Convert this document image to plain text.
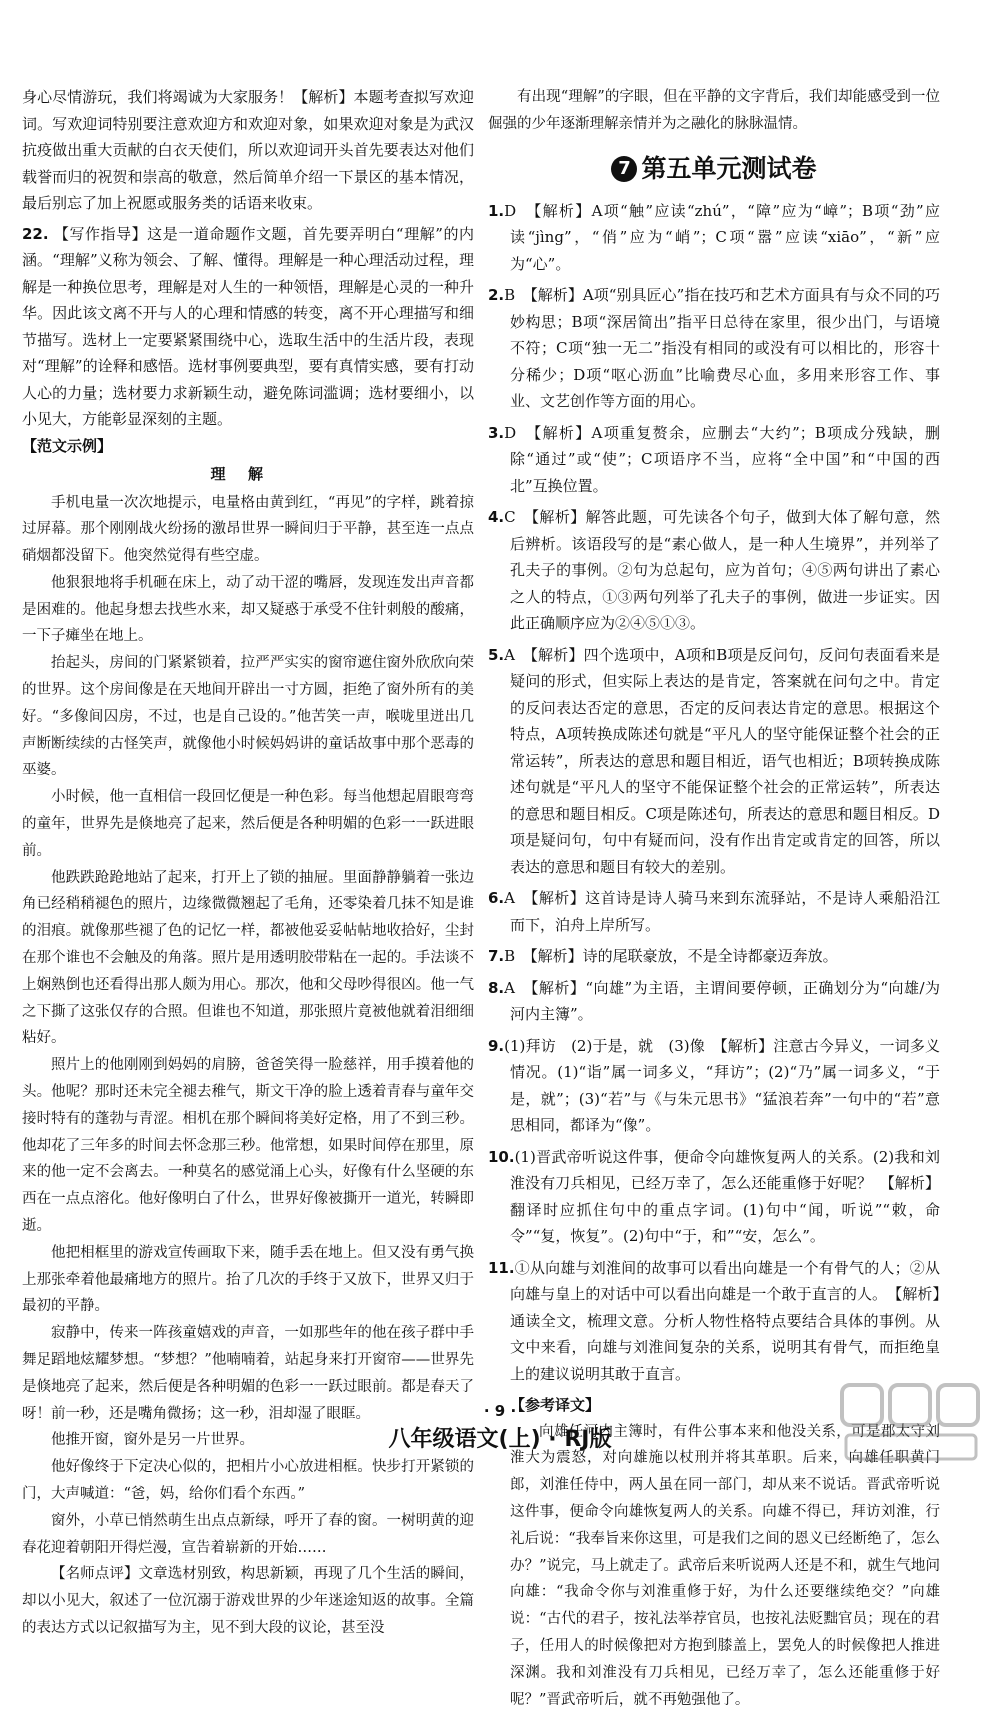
身心尽情游玩，我们将竭诚为大家服务！【解析】本题考查拟写欢迎词。写欢迎词特别要注意欢迎方和欢迎对象，如果欢迎对象是为武汉抗疫做出重大贡献的白衣天使们，所以欢迎词开头首先要表达对他们载誉而归的祝贺和崇高的敬意，然后简单介绍一下景区的基本情况，最后别忘了加上祝愿或服务类的话语来收束。

22. 【写作指导】这是一道命题作文题，首先要弄明白“理解”的内涵。“理解”义称为领会、了解、懂得。理解是一种心理活动过程，理解是一种换位思考，理解是对人生的一种领悟，理解是心灵的一种升华。因此该文离不开与人的心理和情感的转变，离不开心理描写和细节描写。选材上一定要紧紧围绕中心，选取生活中的生活片段，表现对“理解”的诠释和感悟。选材事例要典型，要有真情实感，要有打动人心的力量；选材要力求新颖生动，避免陈词滥调；选材要细小，以小见大，方能彰显深刻的主题。

【范文示例】

理解

手机电量一次次地提示，电量格由黄到红，“再见”的字样，跳着掠过屏幕。那个刚刚战火纷扬的激昂世界一瞬间归于平静，甚至连一点点硝烟都没留下。他突然觉得有些空虚。

他狠狠地将手机砸在床上，动了动干涩的嘴唇，发现连发出声音都是困难的。他起身想去找些水来，却又疑惑于承受不住针刺般的酸痛，一下子瘫坐在地上。

抬起头，房间的门紧紧锁着，拉严严实实的窗帘遮住窗外欣欣向荣的世界。这个房间像是在天地间开辟出一寸方圆，拒绝了窗外所有的美好。“多像间囚房，不过，也是自己设的。”他苦笑一声，喉咙里迸出几声断断续续的古怪笑声，就像他小时候妈妈讲的童话故事中那个恶毒的巫婆。

小时候，他一直相信一段回忆便是一种色彩。每当他想起眉眼弯弯的童年，世界先是倏地亮了起来，然后便是各种明媚的色彩一一跃进眼前。

他跌跌跄跄地站了起来，打开上了锁的抽屉。里面静静躺着一张边角已经稍稍褪色的照片，边缘微微翘起了毛角，还零染着几抹不知是谁的泪痕。就像那些褪了色的记忆一样，都被他妥妥帖帖地收拾好，尘封在那个谁也不会触及的角落。照片是用透明胶带粘在一起的。手法谈不上娴熟倒也还看得出那人颇为用心。那次，他和父母吵得很凶。他一气之下撕了这张仅存的合照。但谁也不知道，那张照片竟被他就着泪细细粘好。

照片上的他刚刚到妈妈的肩膀，爸爸笑得一脸慈祥，用手摸着他的头。他呢？那时还未完全褪去稚气，斯文干净的脸上透着青春与童年交接时特有的蓬勃与青涩。相机在那个瞬间将美好定格，用了不到三秒。他却花了三年多的时间去怀念那三秒。他常想，如果时间停在那里，原来的他一定不会离去。一种莫名的感觉涌上心头，好像有什么坚硬的东西在一点点溶化。他好像明白了什么，世界好像被撕开一道光，转瞬即逝。

他把相框里的游戏宣传画取下来，随手丢在地上。但又没有勇气换上那张牵着他最痛地方的照片。抬了几次的手终于又放下，世界又归于最初的平静。

寂静中，传来一阵孩童嬉戏的声音，一如那些年的他在孩子群中手舞足蹈地炫耀梦想。“梦想？”他喃喃着，站起身来打开窗帘——世界先是倏地亮了起来，然后便是各种明媚的色彩一一跃过眼前。都是春天了呀！前一秒，还是嘴角微扬；这一秒，泪却湿了眼眶。

他推开窗，窗外是另一片世界。

他好像终于下定决心似的，把相片小心放进相框。快步打开紧锁的门，大声喊道：“爸，妈，给你们看个东西。”

窗外，小草已悄然萌生出点点新绿，呼开了春的窗。一树明黄的迎春花迎着朝阳开得烂漫，宣告着崭新的开始……

【名师点评】文章选材别致，构思新颖，再现了几个生活的瞬间，却以小见大，叙述了一位沉溺于游戏世界的少年迷途知返的故事。全篇的表达方式以记叙描写为主，见不到大段的议论，甚至没

有出现“理解”的字眼，但在平静的文字背后，我们却能感受到一位倔强的少年逐渐理解亲情并为之融化的脉脉温情。

7 第五单元测试卷

1.D　【解析】A项“触”应读“zhú”，“障”应为“嶂”；B项“劲”应读“jìng”，“俏”应为“峭”；C项“嚣”应读“xiāo”，“新”应为“心”。

2.B　【解析】A项“别具匠心”指在技巧和艺术方面具有与众不同的巧妙构思；B项“深居简出”指平日总待在家里，很少出门，与语境不符；C项“独一无二”指没有相同的或没有可以相比的，形容十分稀少；D项“呕心沥血”比喻费尽心血，多用来形容工作、事业、文艺创作等方面的用心。

3.D　【解析】A项重复赘余，应删去“大约”；B项成分残缺，删除“通过”或“使”；C项语序不当，应将“全中国”和“中国的西北”互换位置。

4.C　【解析】解答此题，可先读各个句子，做到大体了解句意，然后辨析。该语段写的是“素心做人，是一种人生境界”，并列举了孔夫子的事例。②句为总起句，应为首句；④⑤两句讲出了素心之人的特点，①③两句列举了孔夫子的事例，做进一步证实。因此正确顺序应为②④⑤①③。

5.A　【解析】四个选项中，A项和B项是反问句，反问句表面看来是疑问的形式，但实际上表达的是肯定，答案就在问句之中。肯定的反问表达否定的意思，否定的反问表达肯定的意思。根据这个特点，A项转换成陈述句就是“平凡人的坚守能保证整个社会的正常运转”，所表达的意思和题目相近，语气也相近；B项转换成陈述句就是“平凡人的坚守不能保证整个社会的正常运转”，所表达的意思和题目相反。C项是陈述句，所表达的意思和题目相反。D项是疑问句，句中有疑而问，没有作出肯定或肯定的回答，所以表达的意思和题目有较大的差别。

6.A　【解析】这首诗是诗人骑马来到东流驿站，不是诗人乘船沿江而下，泊舟上岸所写。

7.B　【解析】诗的尾联豪放，不是全诗都豪迈奔放。

8.A　【解析】“向雄”为主语，主谓间要停顿，正确划分为“向雄/为河内主簿”。

9.(1)拜访　(2)于是，就　(3)像　【解析】注意古今异义，一词多义情况。(1)“诣”属一词多义，“拜访”；(2)“乃”属一词多义，“于是，就”；(3)“若”与《与朱元思书》“猛浪若奔”一句中的“若”意思相同，都译为“像”。

10.(1)晋武帝听说这件事，便命令向雄恢复两人的关系。(2)我和刘淮没有刀兵相见，已经万幸了，怎么还能重修于好呢？　【解析】翻译时应抓住句中的重点字词。(1)句中“闻，听说”“敕，命令”“复，恢复”。(2)句中“于，和”“安，怎么”。

11.①从向雄与刘淮间的故事可以看出向雄是一个有骨气的人；②从向雄与皇上的对话中可以看出向雄是一个敢于直言的人。　【解析】通读全文，梳理文意。分析人物性格特点要结合具体的事例。从文中来看，向雄与刘淮间复杂的关系，说明其有骨气，而拒绝皇上的建议说明其敢于直言。

【参考译文】

向雄任河内主簿时，有件公事本来和他没关系，可是郡太守刘淮大为震怒，对向雄施以杖刑并将其革职。后来，向雄任职黄门郎，刘淮任侍中，两人虽在同一部门，却从来不说话。晋武帝听说这件事，便命令向雄恢复两人的关系。向雄不得已，拜访刘淮，行礼后说：“我奉旨来你这里，可是我们之间的恩义已经断绝了，怎么办？”说完，马上就走了。武帝后来听说两人还是不和，就生气地问向雄：“我命令你与刘淮重修于好，为什么还要继续绝交？”向雄说：“古代的君子，按礼法举荐官员，也按礼法贬黜官员；现在的君子，任用人的时候像把对方抱到膝盖上，罢免人的时候像把人推进深渊。我和刘淮没有刀兵相见，已经万幸了，怎么还能重修于好呢？”晋武帝听后，就不再勉强他了。

· 9 ·
八年级语文(上) · RJ版
